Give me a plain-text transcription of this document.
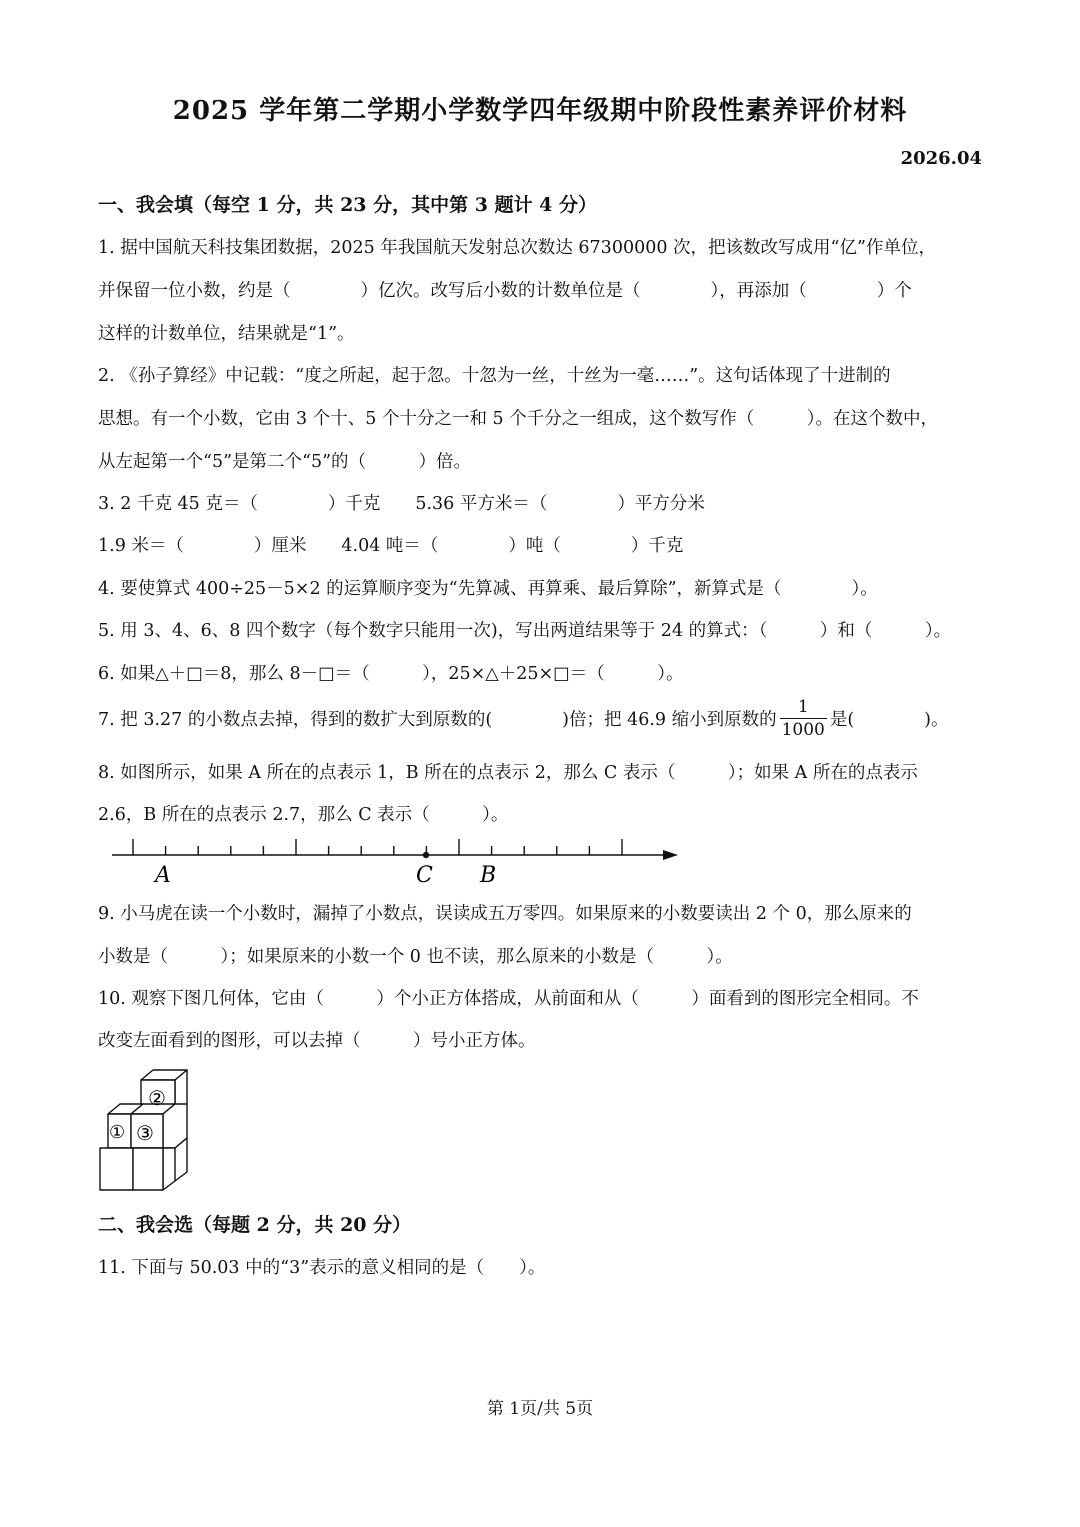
2025 学年第二学期小学数学四年级期中阶段性素养评价材料
2026.04
一、我会填（每空 1 分，共 23 分，其中第 3 题计 4 分）
1. 据中国航天科技集团数据，2025 年我国航天发射总次数达 67300000 次，把该数改写成用“亿”作单位，
并保留一位小数，约是（　　　　）亿次。改写后小数的计数单位是（　　　　），再添加（　　　　）个
这样的计数单位，结果就是“1”。
2. 《孙子算经》中记载：“度之所起，起于忽。十忽为一丝，十丝为一毫……”。这句话体现了十进制的
思想。有一个小数，它由 3 个十、5 个十分之一和 5 个千分之一组成，这个数写作（　　　）。在这个数中，
从左起第一个“5”是第二个“5”的（　　　）倍。
3. 2 千克 45 克＝（　　　　）千克　　5.36 平方米＝（　　　　）平方分米
1.9 米＝（　　　　）厘米　　4.04 吨＝（　　　　）吨（　　　　）千克
4. 要使算式 400÷25－5×2 的运算顺序变为“先算减、再算乘、最后算除”，新算式是（　　　　）。
5. 用 3、4、6、8 四个数字（每个数字只能用一次)，写出两道结果等于 24 的算式：（　　　）和（　　　）。
6. 如果△＋□＝8，那么 8－□＝（　　　），25×△＋25×□＝（　　　）。
7. 把 3.27 的小数点去掉，得到的数扩大到原数的(　　　　)倍；把 46.9 缩小到原数的 $\frac{1}{1000}$ 是(　　　　)。
8. 如图所示，如果 A 所在的点表示 1，B 所在的点表示 2，那么 C 表示（　　　）；如果 A 所在的点表示
2.6，B 所在的点表示 2.7，那么 C 表示（　　　）。
A	C B
9. 小马虎在读一个小数时，漏掉了小数点，误读成五万零四。如果原来的小数要读出 2 个 0，那么原来的
小数是（　　　）；如果原来的小数一个 0 也不读，那么原来的小数是（　　　）。
10. 观察下图几何体，它由（　　　）个小正方体搭成，从前面和从（　　　）面看到的图形完全相同。不
改变左面看到的图形，可以去掉（　　　）号小正方体。
②
① ③
二、我会选（每题 2 分，共 20 分）
11. 下面与 50.03 中的“3”表示的意义相同的是（　　）。
第 1页/共 5页
